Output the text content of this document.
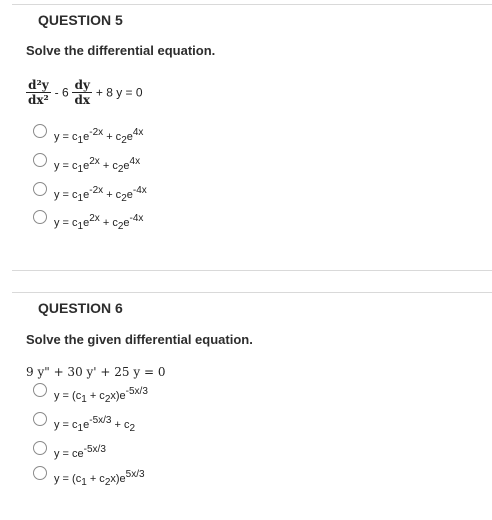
QUESTION 5
Solve the differential equation.
$\frac{\text{d²y}}{\text{dx²}} - 6 \frac{dy}{dx} + 8$ y = 0
$y = c_1e^{-2x} + c_2e^{4x}$
$y = c_1e^{2x} + c_2e^{4x}$
$y = c_1e^{-2x} + c_2e^{-4x}$
$y = c_1e^{2x} + c_2e^{-4x}$
QUESTION 6
Solve the given differential equation.
9 y" + 30 y' + 25 y = 0
$y = (c_1 + c_2x)e^{-5x/3}$
$y = c_1e^{-5x/3} + c_2$
$y = ce^{-5x/3}$
$y = (c_1 + c_2x)e^{5x/3}$
